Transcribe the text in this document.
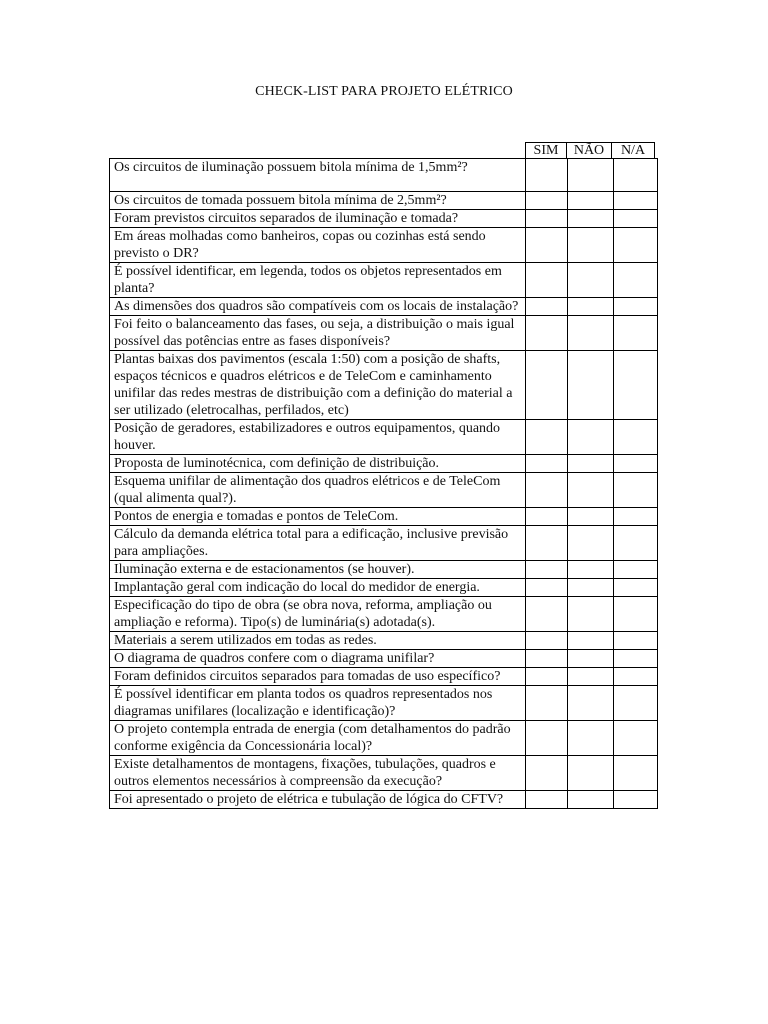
CHECK-LIST PARA PROJETO ELÉTRICO
SIM	NÃO	N/A
Os circuitos de iluminação possuem bitola mínima de 1,5mm²?			
Os circuitos de tomada possuem bitola mínima de 2,5mm²?			
Foram previstos circuitos separados de iluminação e tomada?			
Em áreas molhadas como banheiros, copas ou cozinhas está sendo previsto o DR?			
É possível identificar, em legenda, todos os objetos representados em planta?			
As dimensões dos quadros são compatíveis com os locais de instalação?			
Foi feito o balanceamento das fases, ou seja, a distribuição o mais igual possível das potências entre as fases disponíveis?			
Plantas baixas dos pavimentos (escala 1:50) com a posição de shafts, espaços técnicos e quadros elétricos e de TeleCom e caminhamento unifilar das redes mestras de distribuição com a definição do material a ser utilizado (eletrocalhas, perfilados, etc)			
Posição de geradores, estabilizadores e outros equipamentos, quando houver.			
Proposta de luminotécnica, com definição de distribuição.			
Esquema unifilar de alimentação dos quadros elétricos e de TeleCom (qual alimenta qual?).			
Pontos de energia e tomadas e pontos de TeleCom.			
Cálculo da demanda elétrica total para a edificação, inclusive previsão para ampliações.			
Iluminação externa e de estacionamentos (se houver).			
Implantação geral com indicação do local do medidor de energia.			
Especificação do tipo de obra (se obra nova, reforma, ampliação ou ampliação e reforma). Tipo(s) de luminária(s) adotada(s).			
Materiais a serem utilizados em todas as redes.			
O diagrama de quadros confere com o diagrama unifilar?			
Foram definidos circuitos separados para tomadas de uso específico?			
É possível identificar em planta todos os quadros representados nos diagramas unifilares (localização e identificação)?			
O projeto contempla entrada de energia (com detalhamentos do padrão conforme exigência da Concessionária local)?			
Existe detalhamentos de montagens, fixações, tubulações, quadros e outros elementos necessários à compreensão da execução?			
Foi apresentado o projeto de elétrica e tubulação de lógica do CFTV?			
